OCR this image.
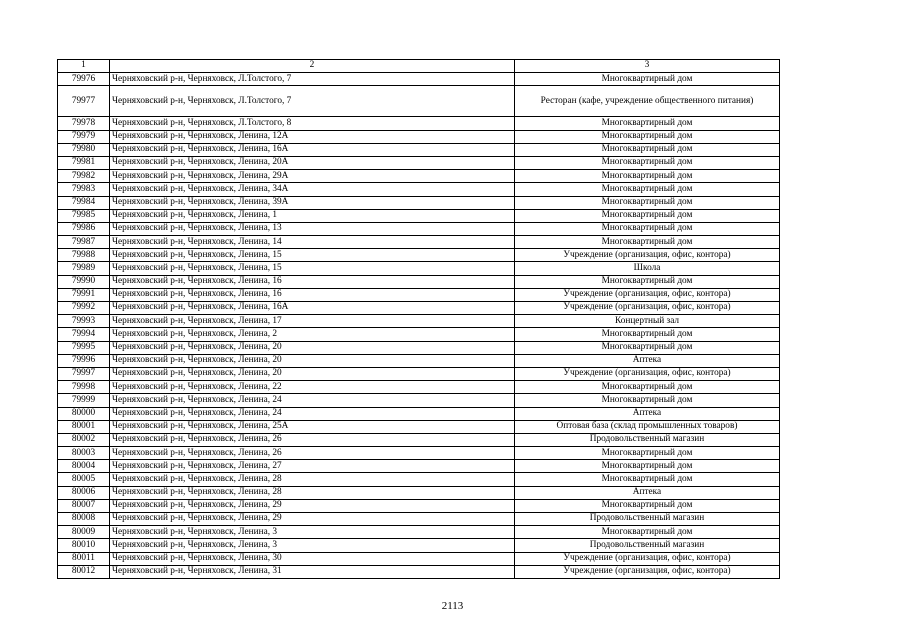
1	2	3
79976	Черняховский р-н, Черняховск, Л.Толстого, 7	Многоквартирный дом
79977	Черняховский р-н, Черняховск, Л.Толстого, 7	Ресторан (кафе, учреждение общественного питания)
79978	Черняховский р-н, Черняховск, Л.Толстого, 8	Многоквартирный дом
79979	Черняховский р-н, Черняховск, Ленина, 12А	Многоквартирный дом
79980	Черняховский р-н, Черняховск, Ленина, 16А	Многоквартирный дом
79981	Черняховский р-н, Черняховск, Ленина, 20А	Многоквартирный дом
79982	Черняховский р-н, Черняховск, Ленина, 29А	Многоквартирный дом
79983	Черняховский р-н, Черняховск, Ленина, 34А	Многоквартирный дом
79984	Черняховский р-н, Черняховск, Ленина, 39А	Многоквартирный дом
79985	Черняховский р-н, Черняховск, Ленина, 1	Многоквартирный дом
79986	Черняховский р-н, Черняховск, Ленина, 13	Многоквартирный дом
79987	Черняховский р-н, Черняховск, Ленина, 14	Многоквартирный дом
79988	Черняховский р-н, Черняховск, Ленина, 15	Учреждение (организация, офис, контора)
79989	Черняховский р-н, Черняховск, Ленина, 15	Школа
79990	Черняховский р-н, Черняховск, Ленина, 16	Многоквартирный дом
79991	Черняховский р-н, Черняховск, Ленина, 16	Учреждение (организация, офис, контора)
79992	Черняховский р-н, Черняховск, Ленина, 16А	Учреждение (организация, офис, контора)
79993	Черняховский р-н, Черняховск, Ленина, 17	Концертный зал
79994	Черняховский р-н, Черняховск, Ленина, 2	Многоквартирный дом
79995	Черняховский р-н, Черняховск, Ленина, 20	Многоквартирный дом
79996	Черняховский р-н, Черняховск, Ленина, 20	Аптека
79997	Черняховский р-н, Черняховск, Ленина, 20	Учреждение (организация, офис, контора)
79998	Черняховский р-н, Черняховск, Ленина, 22	Многоквартирный дом
79999	Черняховский р-н, Черняховск, Ленина, 24	Многоквартирный дом
80000	Черняховский р-н, Черняховск, Ленина, 24	Аптека
80001	Черняховский р-н, Черняховск, Ленина, 25А	Оптовая база (склад промышленных товаров)
80002	Черняховский р-н, Черняховск, Ленина, 26	Продовольственный магазин
80003	Черняховский р-н, Черняховск, Ленина, 26	Многоквартирный дом
80004	Черняховский р-н, Черняховск, Ленина, 27	Многоквартирный дом
80005	Черняховский р-н, Черняховск, Ленина, 28	Многоквартирный дом
80006	Черняховский р-н, Черняховск, Ленина, 28	Аптека
80007	Черняховский р-н, Черняховск, Ленина, 29	Многоквартирный дом
80008	Черняховский р-н, Черняховск, Ленина, 29	Продовольственный магазин
80009	Черняховский р-н, Черняховск, Ленина, 3	Многоквартирный дом
80010	Черняховский р-н, Черняховск, Ленина, 3	Продовольственный магазин
80011	Черняховский р-н, Черняховск, Ленина, 30	Учреждение (организация, офис, контора)
80012	Черняховский р-н, Черняховск, Ленина, 31	Учреждение (организация, офис, контора)
2113
